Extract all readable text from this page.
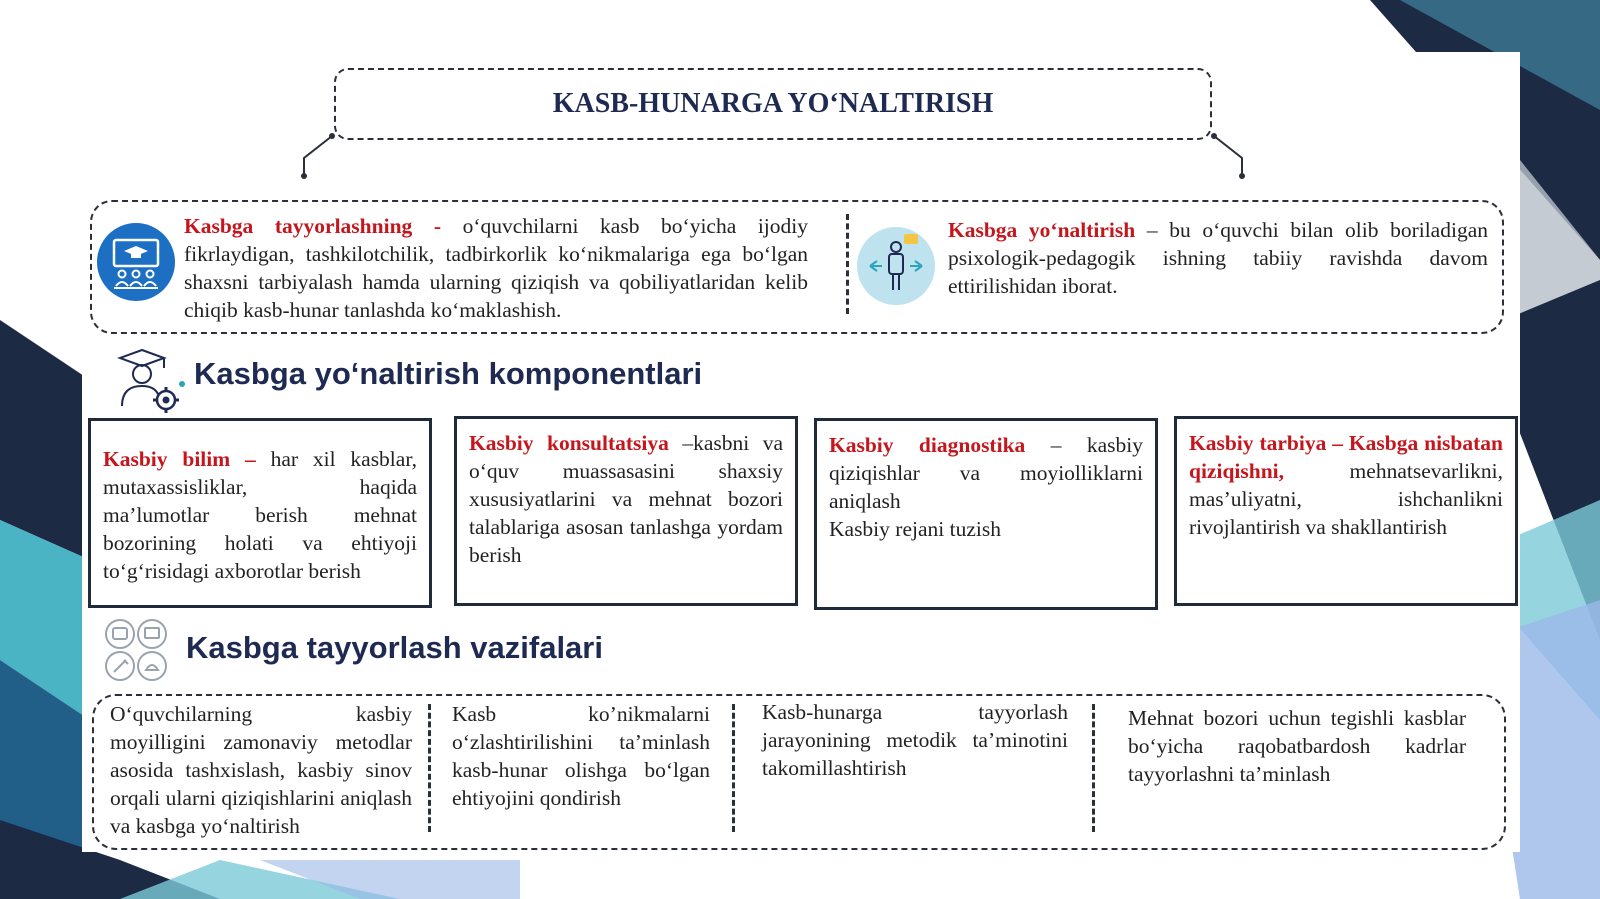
KASB-HUNARGA YO‘NALTIRISH
Kasbga tayyorlashning - o‘quvchilarni kasb bo‘yicha ijodiy fikrlaydigan, tashkilotchilik, tadbirkorlik ko‘nikmalariga ega bo‘lgan shaxsni tarbiyalash hamda ularning qiziqish va qobiliyatlaridan kelib chiqib kasb-hunar tanlashda ko‘maklashish.
Kasbga yo‘naltirish – bu o‘quvchi bilan olib boriladigan psixologik-pedagogik ishning tabiiy ravishda davom ettirilishidan iborat.
Kasbga yo‘naltirish komponentlari
Kasbiy bilim – har xil kasblar, mutaxassisliklar, haqida ma’lumotlar berish mehnat bozorining holati va ehtiyoji to‘g‘risidagi axborotlar berish
Kasbiy konsultatsiya –kasbni va o‘quv muassasasini shaxsiy xususiyatlarini va mehnat bozori talablariga asosan tanlashga yordam berish
Kasbiy diagnostika – kasbiy qiziqishlar va moyiolliklarni aniqlash
Kasbiy rejani tuzish
Kasbiy tarbiya – Kasbga nisbatan qiziqishni, mehnatsevarlikni, mas’uliyatni, ishchanlikni rivojlantirish va shakllantirish
Kasbga tayyorlash vazifalari
O‘quvchilarning kasbiy moyilligini zamonaviy metodlar asosida tashxislash, kasbiy sinov orqali ularni qiziqishlarini aniqlash va kasbga yo‘naltirish
Kasb ko’nikmalarni o‘zlashtirilishini ta’minlash kasb-hunar olishga bo‘lgan ehtiyojini qondirish
Kasb-hunarga tayyorlash jarayonining metodik ta’minotini takomillashtirish
Mehnat bozori uchun tegishli kasblar bo‘yicha raqobatbardosh kadrlar tayyorlashni ta’minlash
